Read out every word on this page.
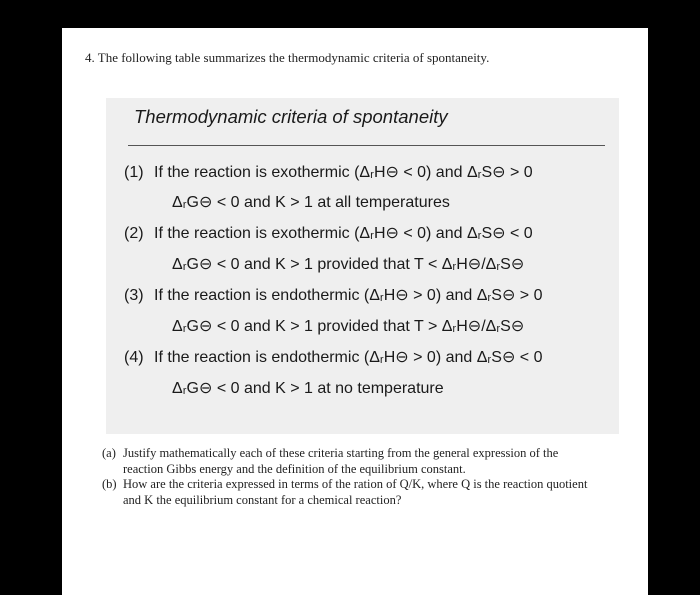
4. The following table summarizes the thermodynamic criteria of spontaneity.
Thermodynamic criteria of spontaneity
(1) If the reaction is exothermic (ΔᵣH⊖ < 0) and ΔᵣS⊖ > 0
ΔᵣG⊖ < 0 and K > 1 at all temperatures
(2) If the reaction is exothermic (ΔᵣH⊖ < 0) and ΔᵣS⊖ < 0
ΔᵣG⊖ < 0 and K > 1 provided that T < ΔᵣH⊖/ΔᵣS⊖
(3) If the reaction is endothermic (ΔᵣH⊖ > 0) and ΔᵣS⊖ > 0
ΔᵣG⊖ < 0 and K > 1 provided that T > ΔᵣH⊖/ΔᵣS⊖
(4) If the reaction is endothermic (ΔᵣH⊖ > 0) and ΔᵣS⊖ < 0
ΔᵣG⊖ < 0 and K > 1 at no temperature
(a) Justify mathematically each of these criteria starting from the general expression of the reaction Gibbs energy and the definition of the equilibrium constant.
(b) How are the criteria expressed in terms of the ration of Q/K, where Q is the reaction quotient and K the equilibrium constant for a chemical reaction?
